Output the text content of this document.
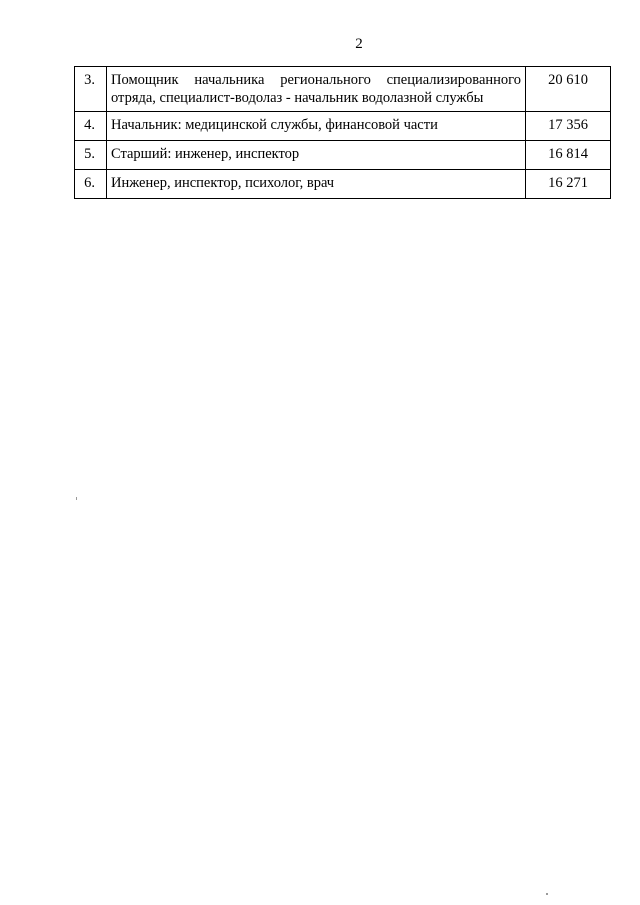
2
3.	Помощник начальника регионального специализированного отряда, специалист-водолаз - начальник водолазной службы	20 610
4.	Начальник: медицинской службы, финансовой части	17 356
5.	Старший: инженер, инспектор	16 814
6.	Инженер, инспектор, психолог, врач	16 271
